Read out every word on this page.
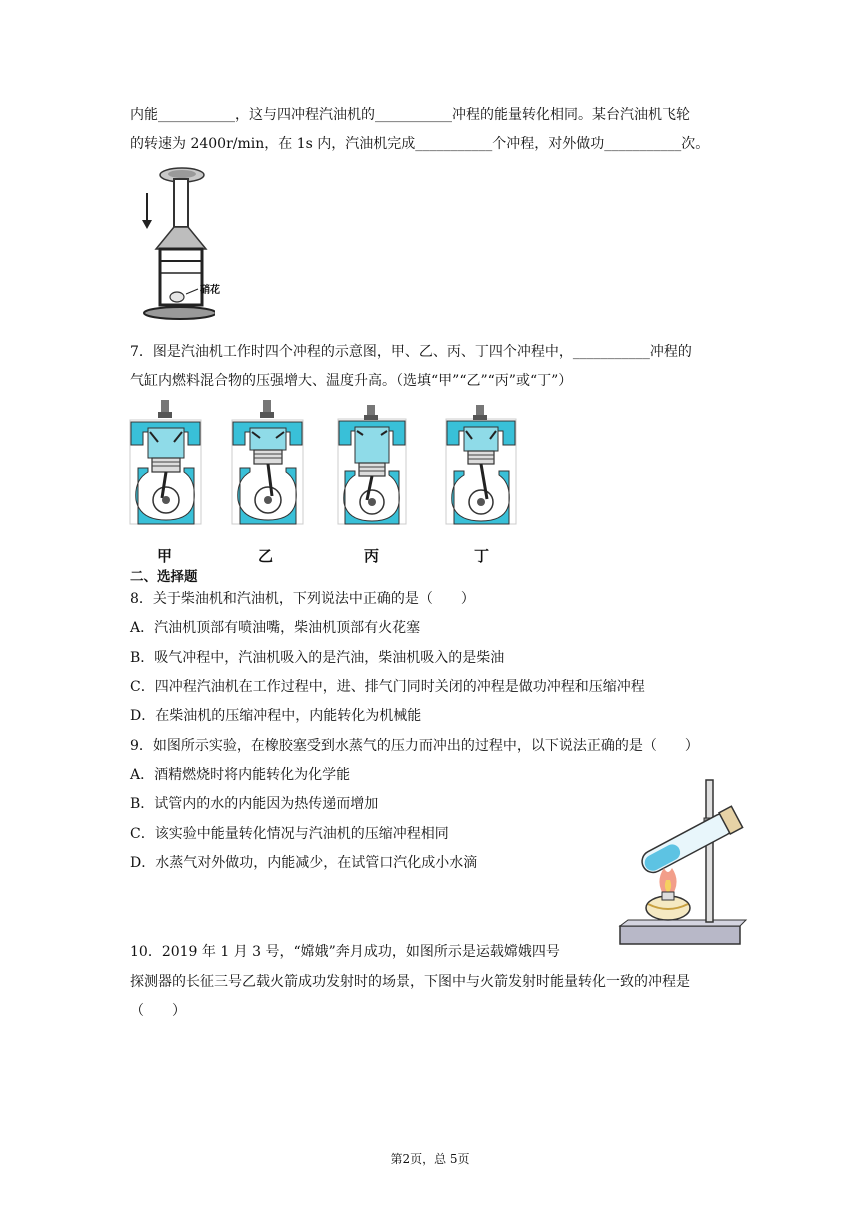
内能___________，这与四冲程汽油机的___________冲程的能量转化相同。某台汽油机飞轮
的转速为 2400r/min，在 1s 内，汽油机完成___________个冲程，对外做功___________次。
硝花
7．图是汽油机工作时四个冲程的示意图，甲、乙、丙、丁四个冲程中，___________冲程的
气缸内燃料混合物的压强增大、温度升高。（选填“甲”“乙”“丙”或“丁”）
甲	乙	丙	丁
二、选择题
8．关于柴油机和汽油机，下列说法中正确的是（　　）
A．汽油机顶部有喷油嘴，柴油机顶部有火花塞
B．吸气冲程中，汽油机吸入的是汽油，柴油机吸入的是柴油
C．四冲程汽油机在工作过程中，进、排气门同时关闭的冲程是做功冲程和压缩冲程
D．在柴油机的压缩冲程中，内能转化为机械能
9．如图所示实验，在橡胶塞受到水蒸气的压力而冲出的过程中，以下说法正确的是（　　）
A．酒精燃烧时将内能转化为化学能
B．试管内的水的内能因为热传递而增加
C．该实验中能量转化情况与汽油机的压缩冲程相同
D．水蒸气对外做功，内能减少，在试管口汽化成小水滴
10．2019 年 1 月 3 号，“嫦娥”奔月成功，如图所示是运载嫦娥四号
探测器的长征三号乙载火箭成功发射时的场景，下图中与火箭发射时能量转化一致的冲程是
（　　）
第2页，总 5页
